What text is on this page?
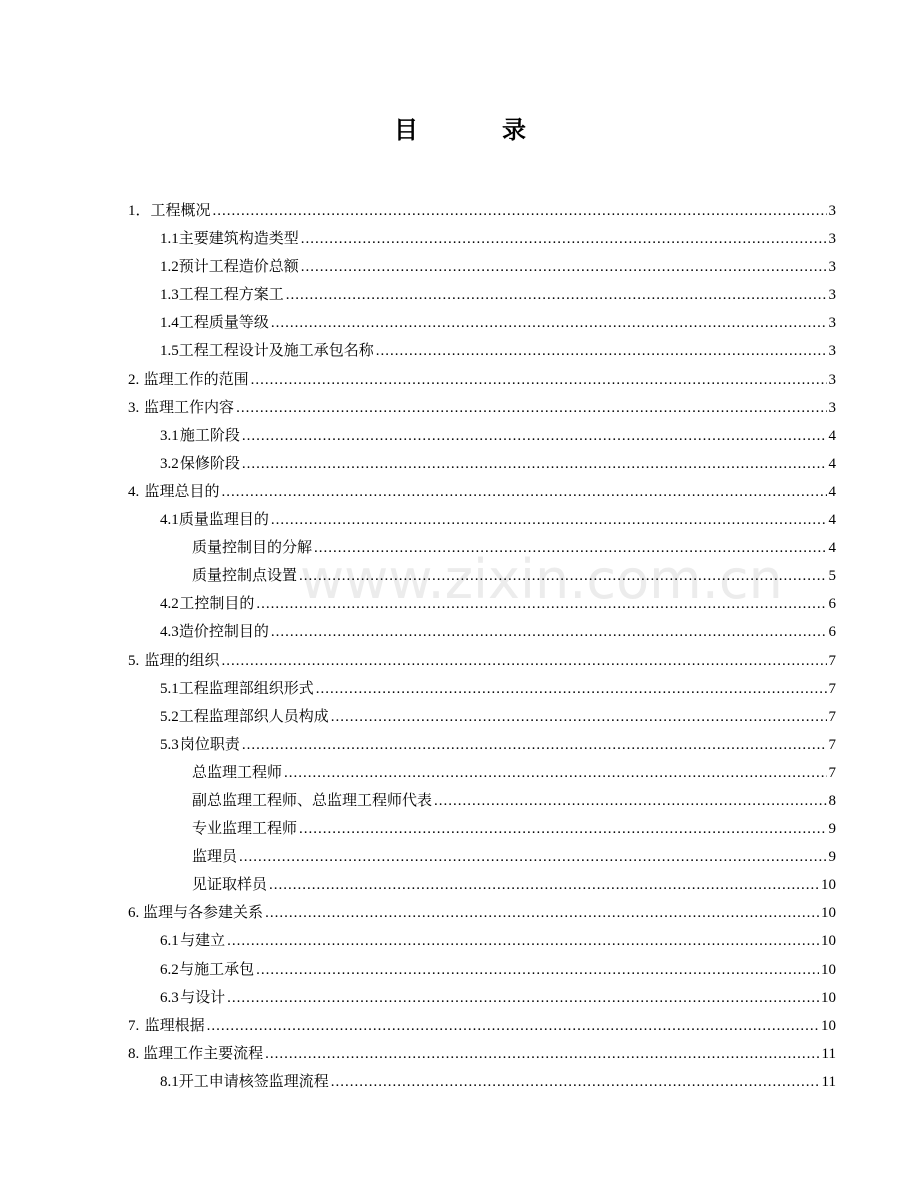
目	录
www.zixin.com.cn
1． 工程概况 .....	3
1.1 主要建筑构造类型 .....	3
1.2 预计工程造价总额 .....	3
1.3 工程工程方案工 .....	3
1.4 工程质量等级 .....	3
1.5 工程工程设计及施工承包名称 .....	3
2. 监理工作的范围 .....	3
3. 监理工作内容 .....	3
3.1 施工阶段 .....	4
3.2 保修阶段 .....	4
4. 监理总目的 .....	4
4.1 质量监理目的 .....	4
质量控制目的分解 .....	4
质量控制点设置 .....	5
4.2 工控制目的 .....	6
4.3 造价控制目的 .....	6
5. 监理的组织 .....	7
5.1 工程监理部组织形式 .....	7
5.2 工程监理部织人员构成 .....	7
5.3 岗位职责 .....	7
总监理工程师 .....	7
副总监理工程师、总监理工程师代表 .....	8
专业监理工程师 .....	9
监理员 .....	9
见证取样员 .....	10
6. 监理与各参建关系 .....	10
6.1 与建立 .....	10
6.2 与施工承包 .....	10
6.3 与设计 .....	10
7. 监理根据 .....	10
8. 监理工作主要流程 .....	11
8.1 开工申请核签监理流程 .....	11
